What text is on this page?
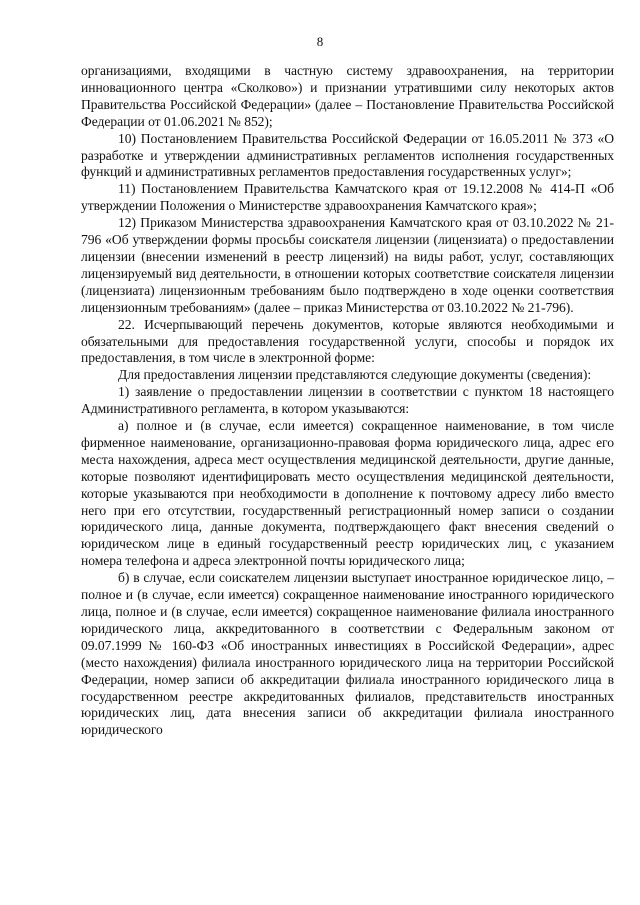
8

организациями, входящими в частную систему здравоохранения, на территории инновационного центра «Сколково») и признании утратившими силу некоторых актов Правительства Российской Федерации» (далее – Постановление Правительства Российской Федерации от 01.06.2021 № 852);

10) Постановлением Правительства Российской Федерации от 16.05.2011 № 373 «О разработке и утверждении административных регламентов исполнения государственных функций и административных регламентов предоставления государственных услуг»;

11) Постановлением Правительства Камчатского края от 19.12.2008 № 414-П «Об утверждении Положения о Министерстве здравоохранения Камчатского края»;

12) Приказом Министерства здравоохранения Камчатского края от 03.10.2022 № 21-796 «Об утверждении формы просьбы соискателя лицензии (лицензиата) о предоставлении лицензии (внесении изменений в реестр лицензий) на виды работ, услуг, составляющих лицензируемый вид деятельности, в отношении которых соответствие соискателя лицензии (лицензиата) лицензионным требованиям было подтверждено в ходе оценки соответствия лицензионным требованиям» (далее – приказ Министерства от 03.10.2022 № 21-796).

22. Исчерпывающий перечень документов, которые являются необходимыми и обязательными для предоставления государственной услуги, способы и порядок их предоставления, в том числе в электронной форме:

Для предоставления лицензии представляются следующие документы (сведения):

1) заявление о предоставлении лицензии в соответствии с пунктом 18 настоящего Административного регламента, в котором указываются:

а) полное и (в случае, если имеется) сокращенное наименование, в том числе фирменное наименование, организационно-правовая форма юридического лица, адрес его места нахождения, адреса мест осуществления медицинской деятельности, другие данные, которые позволяют идентифицировать место осуществления медицинской деятельности, которые указываются при необходимости в дополнение к почтовому адресу либо вместо него при его отсутствии, государственный регистрационный номер записи о создании юридического лица, данные документа, подтверждающего факт внесения сведений о юридическом лице в единый государственный реестр юридических лиц, с указанием номера телефона и адреса электронной почты юридического лица;

б) в случае, если соискателем лицензии выступает иностранное юридическое лицо, – полное и (в случае, если имеется) сокращенное наименование иностранного юридического лица, полное и (в случае, если имеется) сокращенное наименование филиала иностранного юридического лица, аккредитованного в соответствии с Федеральным законом от 09.07.1999 № 160-ФЗ «Об иностранных инвестициях в Российской Федерации», адрес (место нахождения) филиала иностранного юридического лица на территории Российской Федерации, номер записи об аккредитации филиала иностранного юридического лица в государственном реестре аккредитованных филиалов, представительств иностранных юридических лиц, дата внесения записи об аккредитации филиала иностранного юридического
